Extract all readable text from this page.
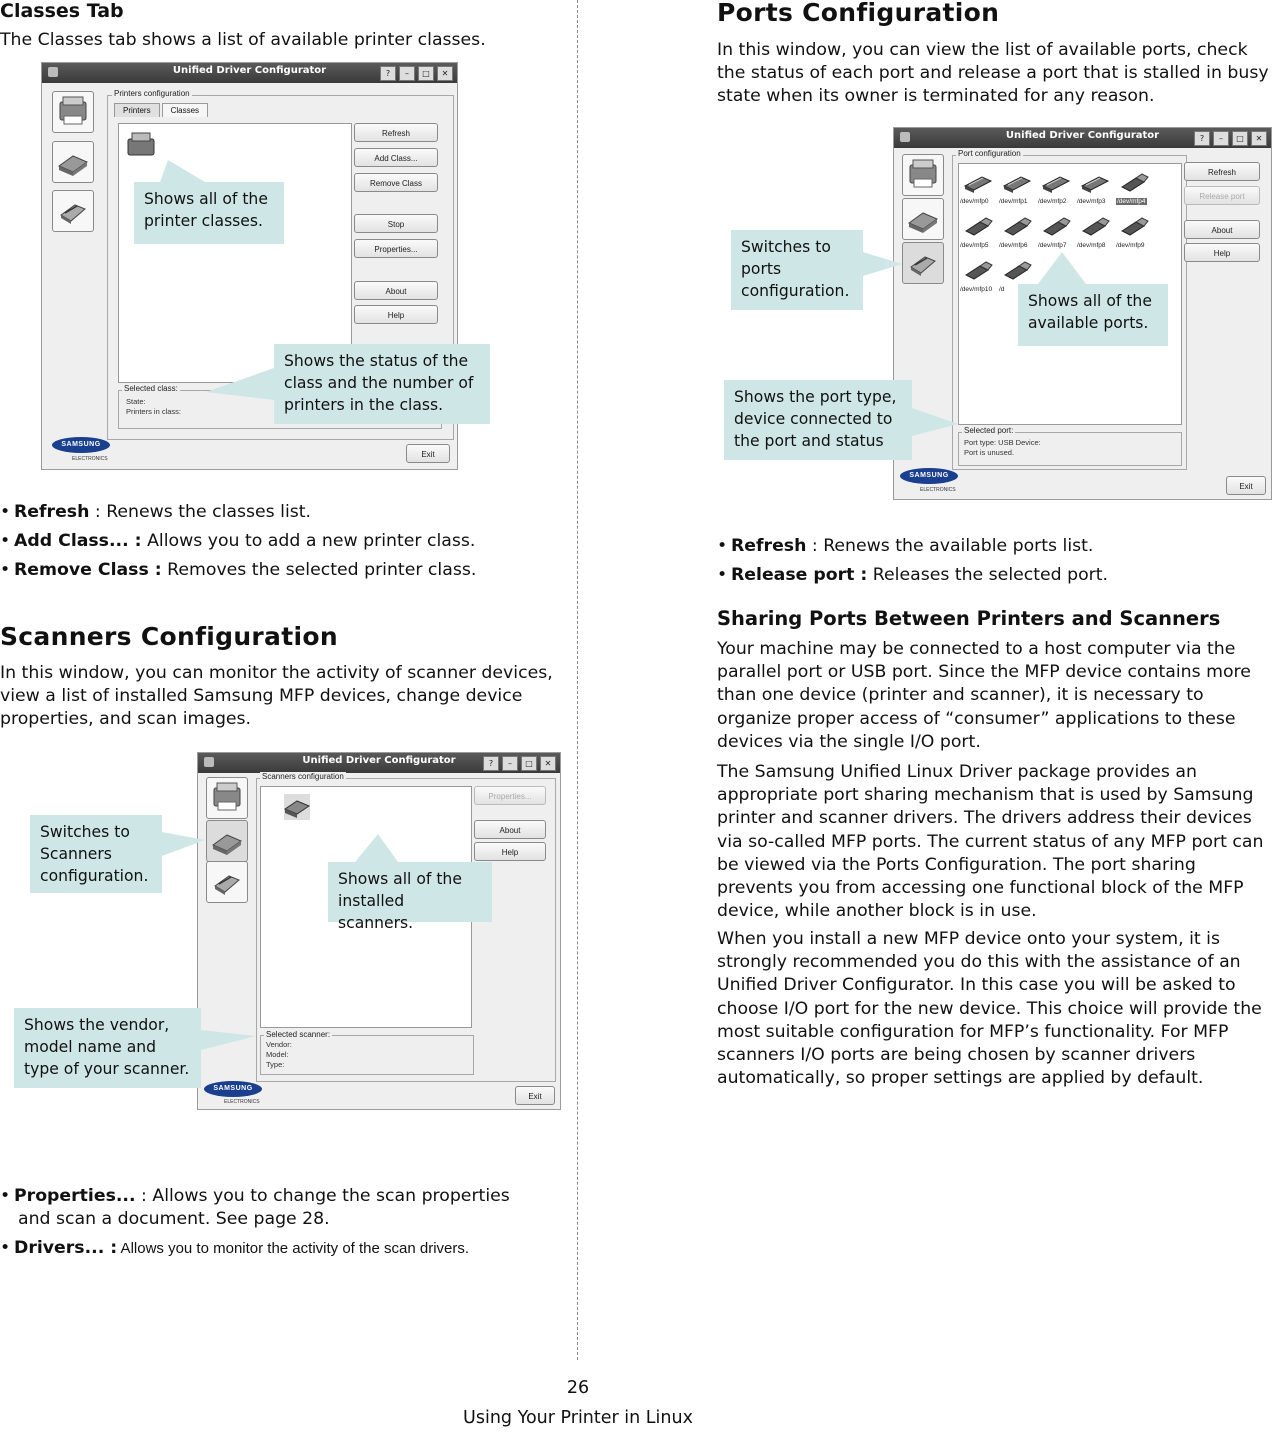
Classes Tab

The Classes tab shows a list of available printer classes.

Unified Driver Configurator	?	–	□	✕
Printers configuration
Printers	Classes
Refresh
Add Class...
Remove Class
Stop
Properties...
About
Help
Selected class:
State:
Printers in class:
SAMSUNG
ELECTRONICS	Exit
Shows all of the printer classes.
Shows the status of the class and the number of printers in the class.
• Refresh : Renews the classes list.
• Add Class... : Allows you to add a new printer class.
• Remove Class : Removes the selected printer class.
Scanners Configuration

In this window, you can monitor the activity of scanner devices, view a list of installed Samsung MFP devices, change device properties, and scan images.

Unified Driver Configurator	?	–	□	✕
Scanners configuration
Properties...
About
Help
Selected scanner:
Vendor:
Model:
Type:
SAMSUNG
ELECTRONICS
Exit
Switches to Scanners configuration.	Shows all of the installed scanners.
Shows the vendor, model name and type of your scanner.
• Properties... : Allows you to change the scan properties
and scan a document. See page 28.
• Drivers... : Allows you to monitor the activity of the scan drivers.
Ports Configuration

In this window, you can view the list of available ports, check the status of each port and release a port that is stalled in busy state when its owner is terminated for any reason.

Unified Driver Configurator	?	–	□	✕
Port configuration
/dev/mfp0 /dev/mfp1 /dev/mfp2 /dev/mfp3 /dev/mfp4
/dev/mfp5 /dev/mfp6 /dev/mfp7 /dev/mfp8 /dev/mfp9
/dev/mfp10 /d
Refresh
Release port
About
Help
Selected port:
Port type: USB Device:
Port is unused.
SAMSUNG
ELECTRONICS	Exit
Switches to ports configuration.
Shows all of the available ports.
Shows the port type, device connected to the port and status
• Refresh : Renews the available ports list.
• Release port : Releases the selected port.
Sharing Ports Between Printers and Scanners

Your machine may be connected to a host computer via the parallel port or USB port. Since the MFP device contains more than one device (printer and scanner), it is necessary to organize proper access of “consumer” applications to these devices via the single I/O port.

The Samsung Unified Linux Driver package provides an appropriate port sharing mechanism that is used by Samsung printer and scanner drivers. The drivers address their devices via so-called MFP ports. The current status of any MFP port can be viewed via the Ports Configuration. The port sharing prevents you from accessing one functional block of the MFP device, while another block is in use.

When you install a new MFP device onto your system, it is strongly recommended you do this with the assistance of an Unified Driver Configurator. In this case you will be asked to choose I/O port for the new device. This choice will provide the most suitable configuration for MFP’s functionality. For MFP scanners I/O ports are being chosen by scanner drivers automatically, so proper settings are applied by default.

26
Using Your Printer in Linux
